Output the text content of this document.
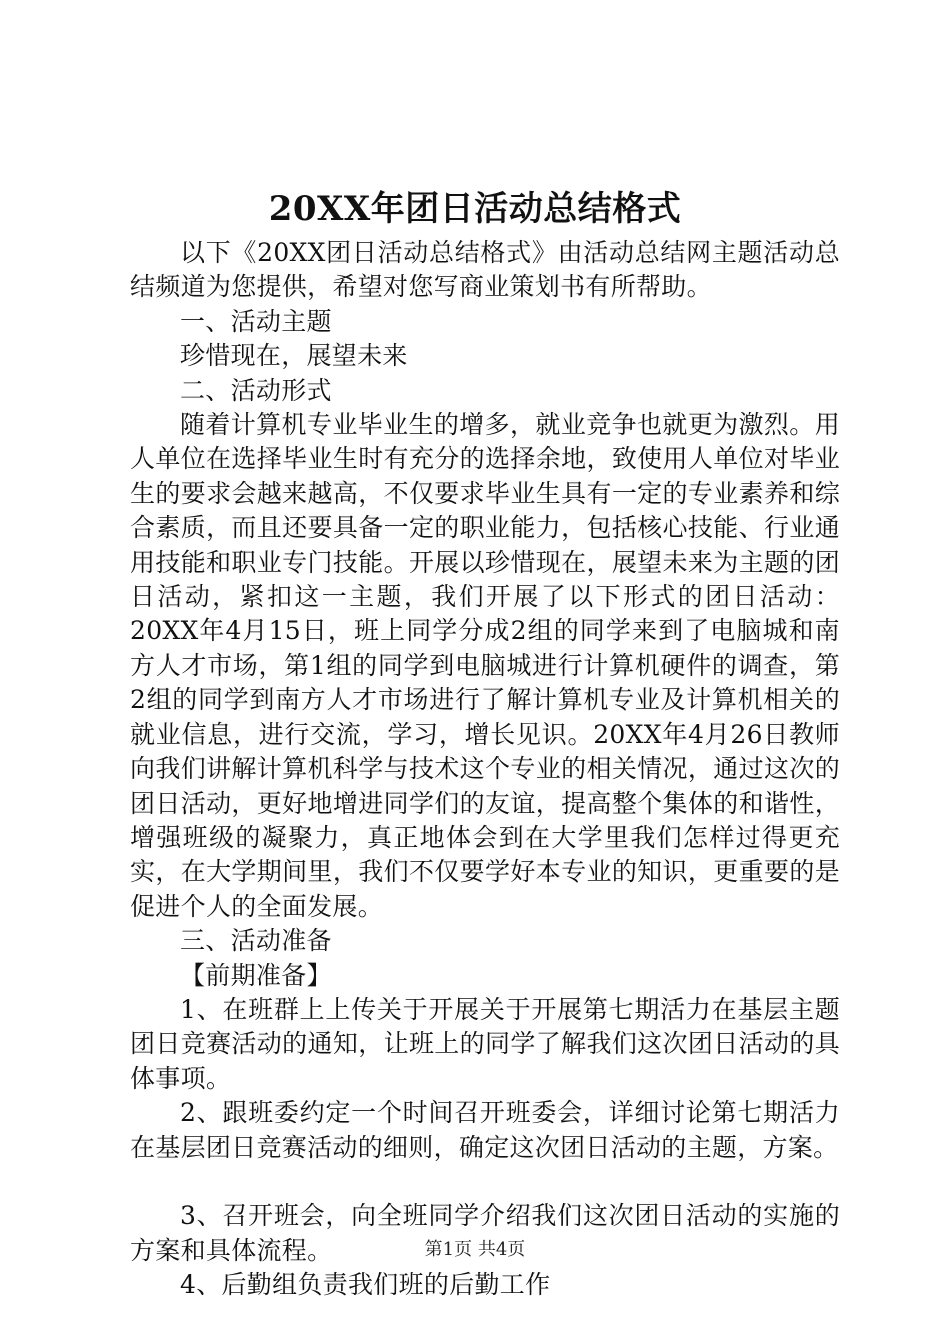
20XX年团日活动总结格式

以下《20XX团日活动总结格式》由活动总结网主题活动总结频道为您提供，希望对您写商业策划书有所帮助。

一、活动主题

珍惜现在，展望未来

二、活动形式

随着计算机专业毕业生的增多，就业竞争也就更为激烈。用人单位在选择毕业生时有充分的选择余地，致使用人单位对毕业生的要求会越来越高，不仅要求毕业生具有一定的专业素养和综合素质，而且还要具备一定的职业能力，包括核心技能、行业通用技能和职业专门技能。开展以珍惜现在，展望未来为主题的团日活动，紧扣这一主题，我们开展了以下形式的团日活动：20XX年4月15日，班上同学分成2组的同学来到了电脑城和南方人才市场，第1组的同学到电脑城进行计算机硬件的调查，第2组的同学到南方人才市场进行了解计算机专业及计算机相关的就业信息，进行交流，学习，增长见识。20XX年4月26日教师向我们讲解计算机科学与技术这个专业的相关情况，通过这次的团日活动，更好地增进同学们的友谊，提高整个集体的和谐性，增强班级的凝聚力，真正地体会到在大学里我们怎样过得更充实，在大学期间里，我们不仅要学好本专业的知识，更重要的是促进个人的全面发展。

三、活动准备

【前期准备】

1、在班群上上传关于开展关于开展第七期活力在基层主题团日竞赛活动的通知，让班上的同学了解我们这次团日活动的具体事项。

2、跟班委约定一个时间召开班委会，详细讨论第七期活力在基层团日竞赛活动的细则，确定这次团日活动的主题，方案。

3、召开班会，向全班同学介绍我们这次团日活动的实施的方案和具体流程。

4、后勤组负责我们班的后勤工作

第1页 共4页
